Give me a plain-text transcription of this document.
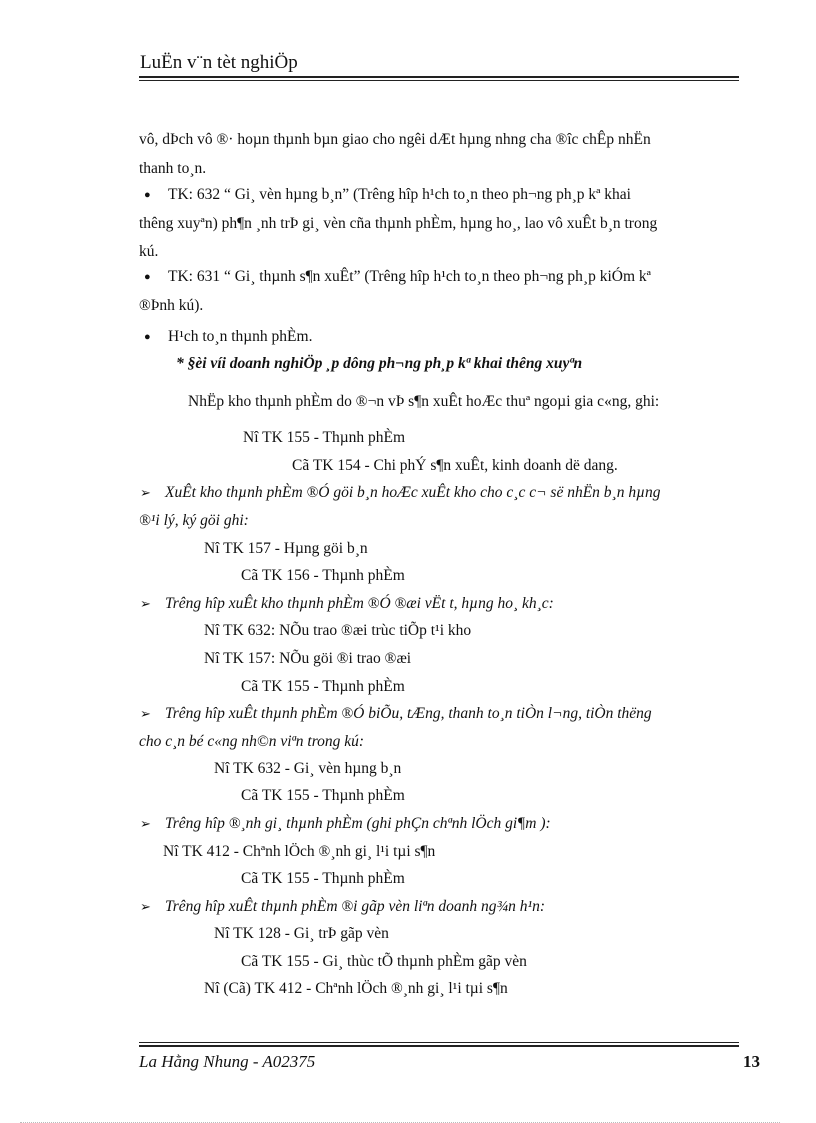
LuËn v¨n tèt nghiÖp
vô, dÞch vô ®· hoµn thµnh bµn giao cho ngêi dÆt hµng nhng cha ®îc chÊp nhËn
thanh to¸n.
● TK: 632 “ Gi¸ vèn hµng b¸n” (Trêng hîp h¹ch to¸n theo ph¬ng ph¸p kª khai
thêng xuyªn) ph¶n ¸nh trÞ gi¸ vèn cña thµnh phÈm, hµng ho¸, lao vô xuÊt b¸n trong
kú.
● TK: 631 “ Gi¸ thµnh s¶n xuÊt” (Trêng hîp h¹ch to¸n theo ph¬ng ph¸p kiÓm kª
®Þnh kú).
● H¹ch to¸n thµnh phÈm.
* §èi víi doanh nghiÖp ¸p dông ph¬ng ph¸p kª khai thêng xuyªn
NhËp kho thµnh phÈm do ®¬n vÞ s¶n xuÊt hoÆc thuª ngoµi gia c«ng, ghi:
Nî TK 155 - Thµnh phÈm
Cã TK 154 - Chi phÝ s¶n xuÊt, kinh doanh dë dang.
➢ XuÊt kho thµnh phÈm ®Ó göi b¸n hoÆc xuÊt kho cho c¸c c¬ së nhËn b¸n hµng
®¹i lý, ký göi ghi:
Nî TK 157 - Hµng göi b¸n
Cã TK 156 - Thµnh phÈm
➢ Trêng hîp xuÊt kho thµnh phÈm ®Ó ®æi vËt t, hµng ho¸ kh¸c:
Nî TK 632: NÕu trao ®æi trùc tiÕp t¹i kho
Nî TK 157: NÕu göi ®i trao ®æi
Cã TK 155 - Thµnh phÈm
➢ Trêng hîp xuÊt thµnh phÈm ®Ó biÕu, tÆng, thanh to¸n tiÒn l¬ng, tiÒn thëng
cho c¸n bé c«ng nh©n viªn trong kú:
Nî TK 632 - Gi¸ vèn hµng b¸n
Cã TK 155 - Thµnh phÈm
➢ Trêng hîp ®¸nh gi¸ thµnh phÈm (ghi phÇn chªnh lÖch gi¶m ):
Nî TK 412 - Chªnh lÖch ®¸nh gi¸ l¹i tµi s¶n
Cã TK 155 - Thµnh phÈm
➢ Trêng hîp xuÊt thµnh phÈm ®i gãp vèn liªn doanh ng¾n h¹n:
Nî TK 128 - Gi¸ trÞ gãp vèn
Cã TK 155 - Gi¸ thùc tÕ thµnh phÈm gãp vèn
Nî (Cã) TK 412 - Chªnh lÖch ®¸nh gi¸ l¹i tµi s¶n
La Hằng Nhung - A02375	13
